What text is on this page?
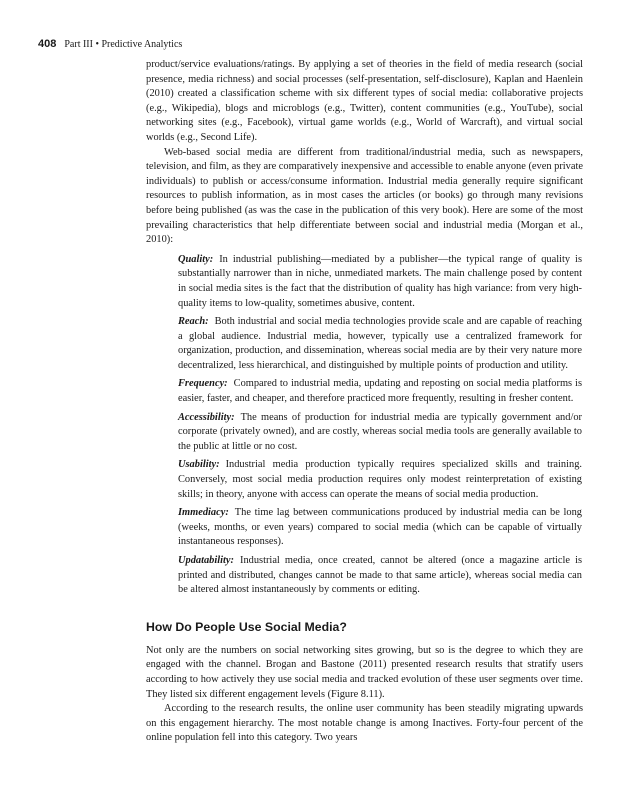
408 Part III • Predictive Analytics

product/service evaluations/ratings. By applying a set of theories in the field of media research (social presence, media richness) and social processes (self-presentation, self-disclosure), Kaplan and Haenlein (2010) created a classification scheme with six different types of social media: collaborative projects (e.g., Wikipedia), blogs and microblogs (e.g., Twitter), content communities (e.g., YouTube), social networking sites (e.g., Facebook), virtual game worlds (e.g., World of Warcraft), and virtual social worlds (e.g., Second Life).

Web-based social media are different from traditional/industrial media, such as newspapers, television, and film, as they are comparatively inexpensive and accessible to enable anyone (even private individuals) to publish or access/consume information. Industrial media generally require significant resources to publish information, as in most cases the articles (or books) go through many revisions before being published (as was the case in the publication of this very book). Here are some of the most prevailing characteristics that help differentiate between social and industrial media (Morgan et al., 2010):

Quality: In industrial publishing—mediated by a publisher—the typical range of quality is substantially narrower than in niche, unmediated markets. The main challenge posed by content in social media sites is the fact that the distribution of quality has high variance: from very high-quality items to low-quality, sometimes abusive, content.
Reach: Both industrial and social media technologies provide scale and are capable of reaching a global audience. Industrial media, however, typically use a centralized framework for organization, production, and dissemination, whereas social media are by their very nature more decentralized, less hierarchical, and distinguished by multiple points of production and utility.
Frequency: Compared to industrial media, updating and reposting on social media platforms is easier, faster, and cheaper, and therefore practiced more frequently, resulting in fresher content.
Accessibility: The means of production for industrial media are typically government and/or corporate (privately owned), and are costly, whereas social media tools are generally available to the public at little or no cost.
Usability: Industrial media production typically requires specialized skills and training. Conversely, most social media production requires only modest reinterpretation of existing skills; in theory, anyone with access can operate the means of social media production.
Immediacy: The time lag between communications produced by industrial media can be long (weeks, months, or even years) compared to social media (which can be capable of virtually instantaneous responses).
Updatability: Industrial media, once created, cannot be altered (once a magazine article is printed and distributed, changes cannot be made to that same article), whereas social media can be altered almost instantaneously by comments or editing.
How Do People Use Social Media?

Not only are the numbers on social networking sites growing, but so is the degree to which they are engaged with the channel. Brogan and Bastone (2011) presented research results that stratify users according to how actively they use social media and tracked evolution of these user segments over time. They listed six different engagement levels (Figure 8.11).

According to the research results, the online user community has been steadily migrating upwards on this engagement hierarchy. The most notable change is among Inactives. Forty-four percent of the online population fell into this category. Two years
